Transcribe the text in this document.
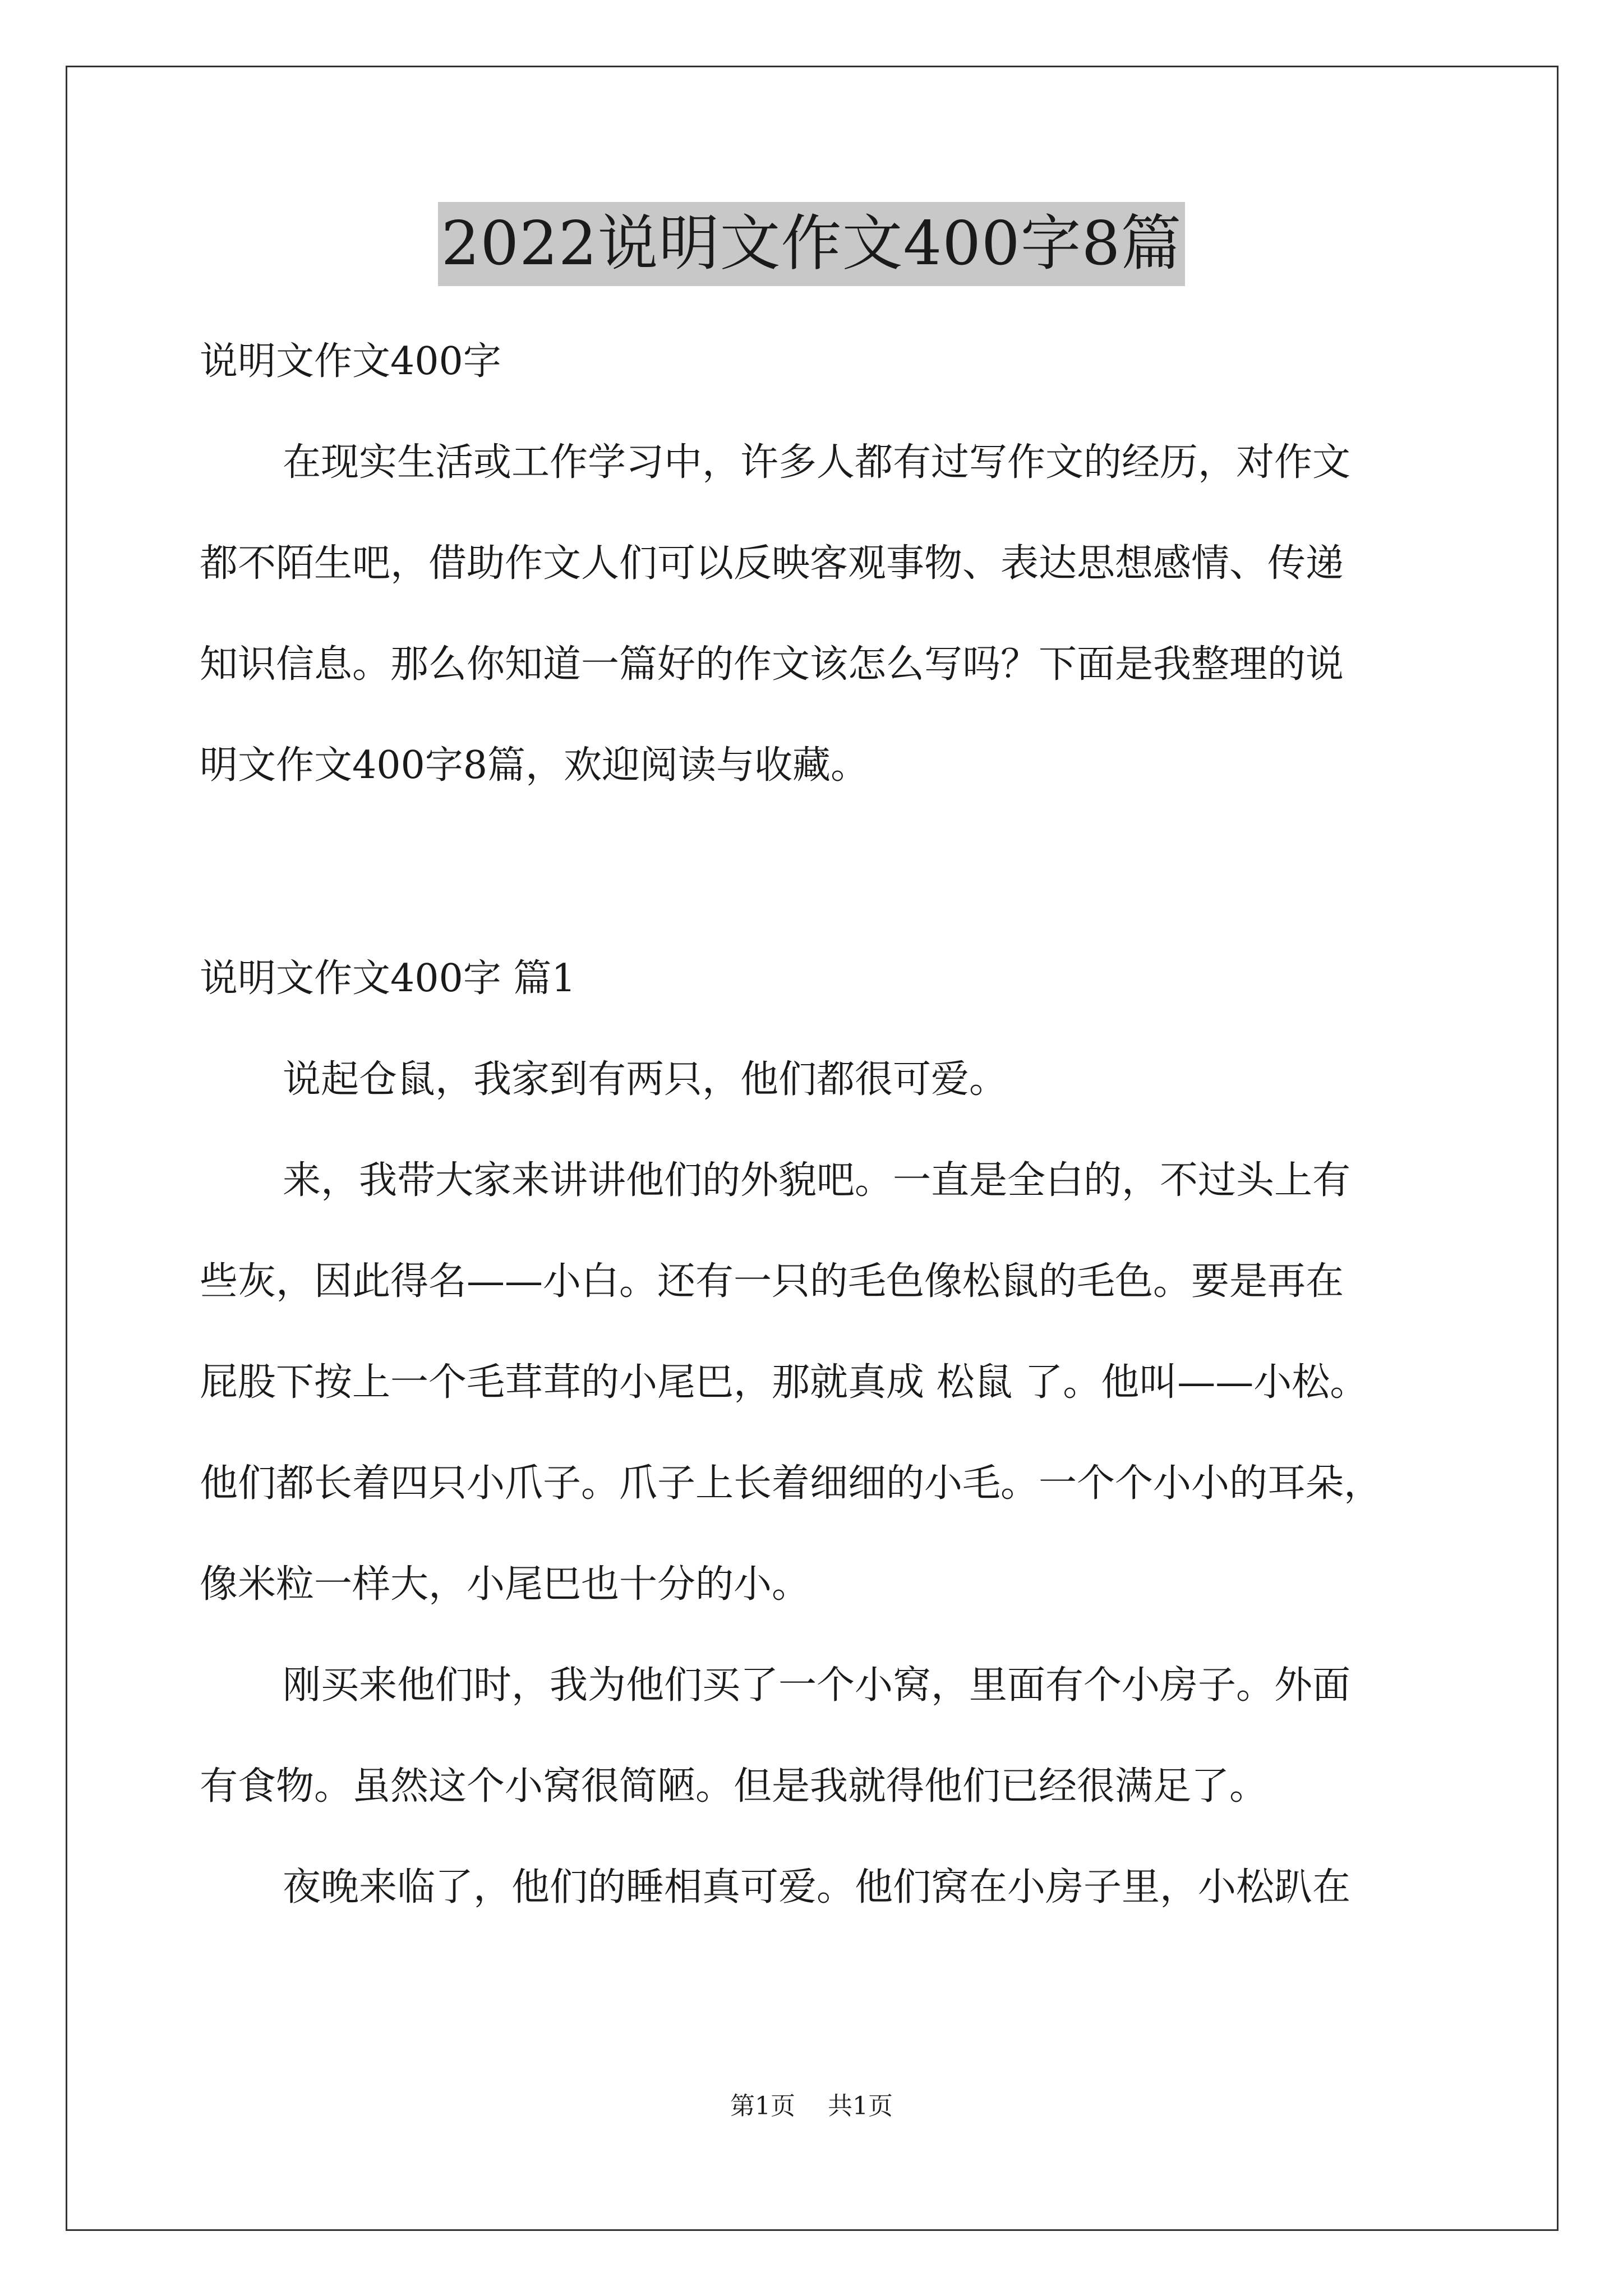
2022说明文作文400字8篇
说明文作文400字
在现实生活或工作学习中，许多人都有过写作文的经历，对作文
都不陌生吧，借助作文人们可以反映客观事物、表达思想感情、传递
知识信息。那么你知道一篇好的作文该怎么写吗？下面是我整理的说
明文作文400字8篇，欢迎阅读与收藏。
说明文作文400字 篇1
说起仓鼠，我家到有两只，他们都很可爱。
来，我带大家来讲讲他们的外貌吧。一直是全白的，不过头上有
些灰，因此得名——小白。还有一只的毛色像松鼠的毛色。要是再在
屁股下按上一个毛茸茸的小尾巴，那就真成 松鼠 了。他叫——小松。
他们都长着四只小爪子。爪子上长着细细的小毛。一个个小小的耳朵，
像米粒一样大，小尾巴也十分的小。
刚买来他们时，我为他们买了一个小窝，里面有个小房子。外面
有食物。虽然这个小窝很简陋。但是我就得他们已经很满足了。
夜晚来临了，他们的睡相真可爱。他们窝在小房子里，小松趴在
第1页 共1页
